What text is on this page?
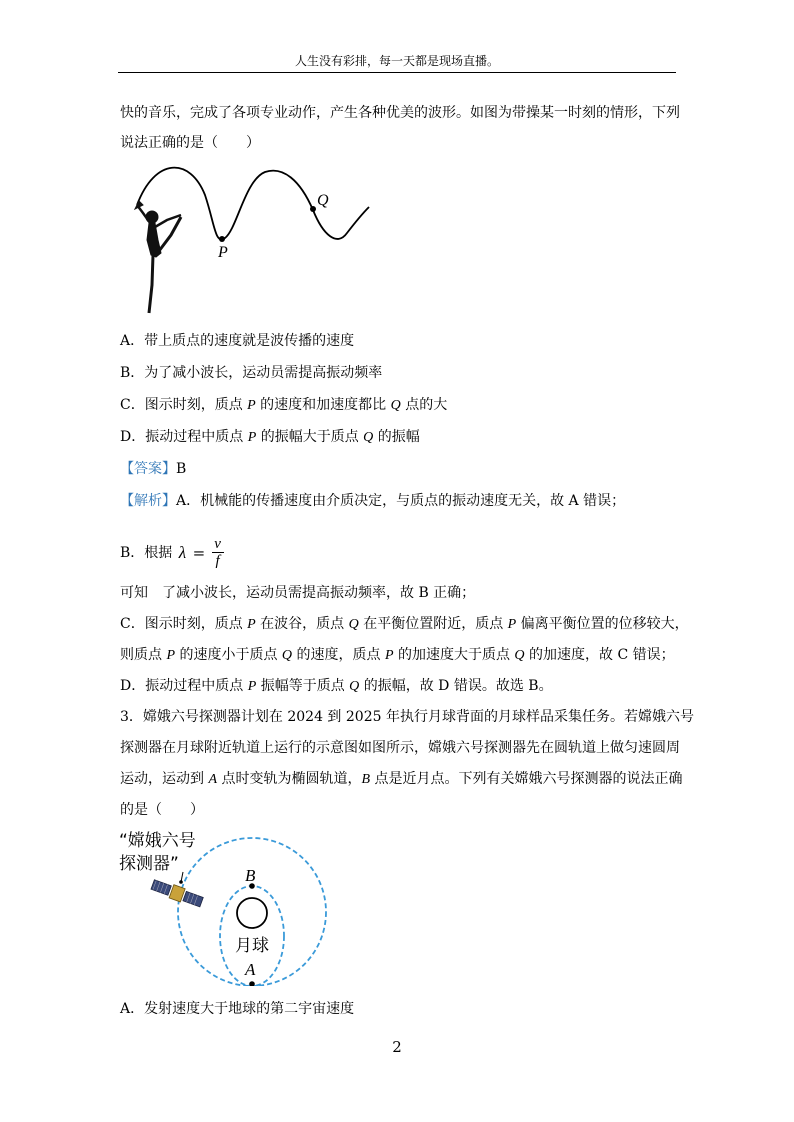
人生没有彩排，每一天都是现场直播。
快的音乐，完成了各项专业动作，产生各种优美的波形。如图为带操某一时刻的情形，下列
说法正确的是（　　）
P
Q
A．带上质点的速度就是波传播的速度
B．为了减小波长，运动员需提高振动频率
C．图示时刻，质点 P 的速度和加速度都比 Q 点的大
D．振动过程中质点 P 的振幅大于质点 Q 的振幅
【答案】B
【解析】A．机械能的传播速度由介质决定，与质点的振动速度无关，故 A 错误；
B．根据 $\lambda = \frac{v}{f}$
可知　了减小波长，运动员需提高振动频率，故 B 正确；
C．图示时刻，质点 P 在波谷，质点 Q 在平衡位置附近，质点 P 偏离平衡位置的位移较大，
则质点 P 的速度小于质点 Q 的速度，质点 P 的加速度大于质点 Q 的加速度，故 C 错误；
D．振动过程中质点 P 振幅等于质点 Q 的振幅，故 D 错误。故选 B。
3．嫦娥六号探测器计划在 2024 到 2025 年执行月球背面的月球样品采集任务。若嫦娥六号
探测器在月球附近轨道上运行的示意图如图所示，嫦娥六号探测器先在圆轨道上做匀速圆周
运动，运动到 A 点时变轨为椭圆轨道，B 点是近月点。下列有关嫦娥六号探测器的说法正确
的是（　　）
“嫦娥六号
探测器”
月球
B
A
A．发射速度大于地球的第二宇宙速度
2
